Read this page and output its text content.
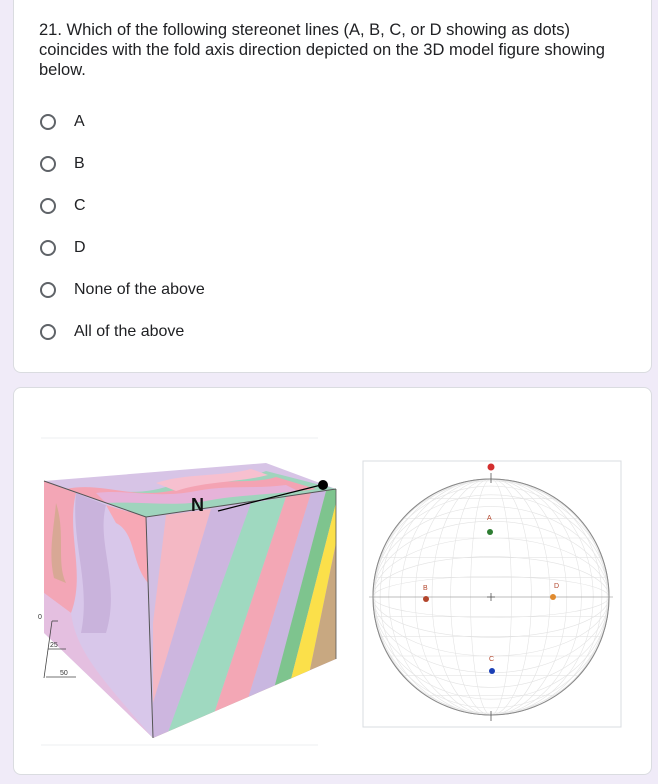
21. Which of the following stereonet lines (A, B, C, or D showing as dots) coincides with the fold axis direction depicted on the 3D model figure showing below.
A
B
C
D
None of the above
All of the above
N
0
25
50
A
B
C
D
